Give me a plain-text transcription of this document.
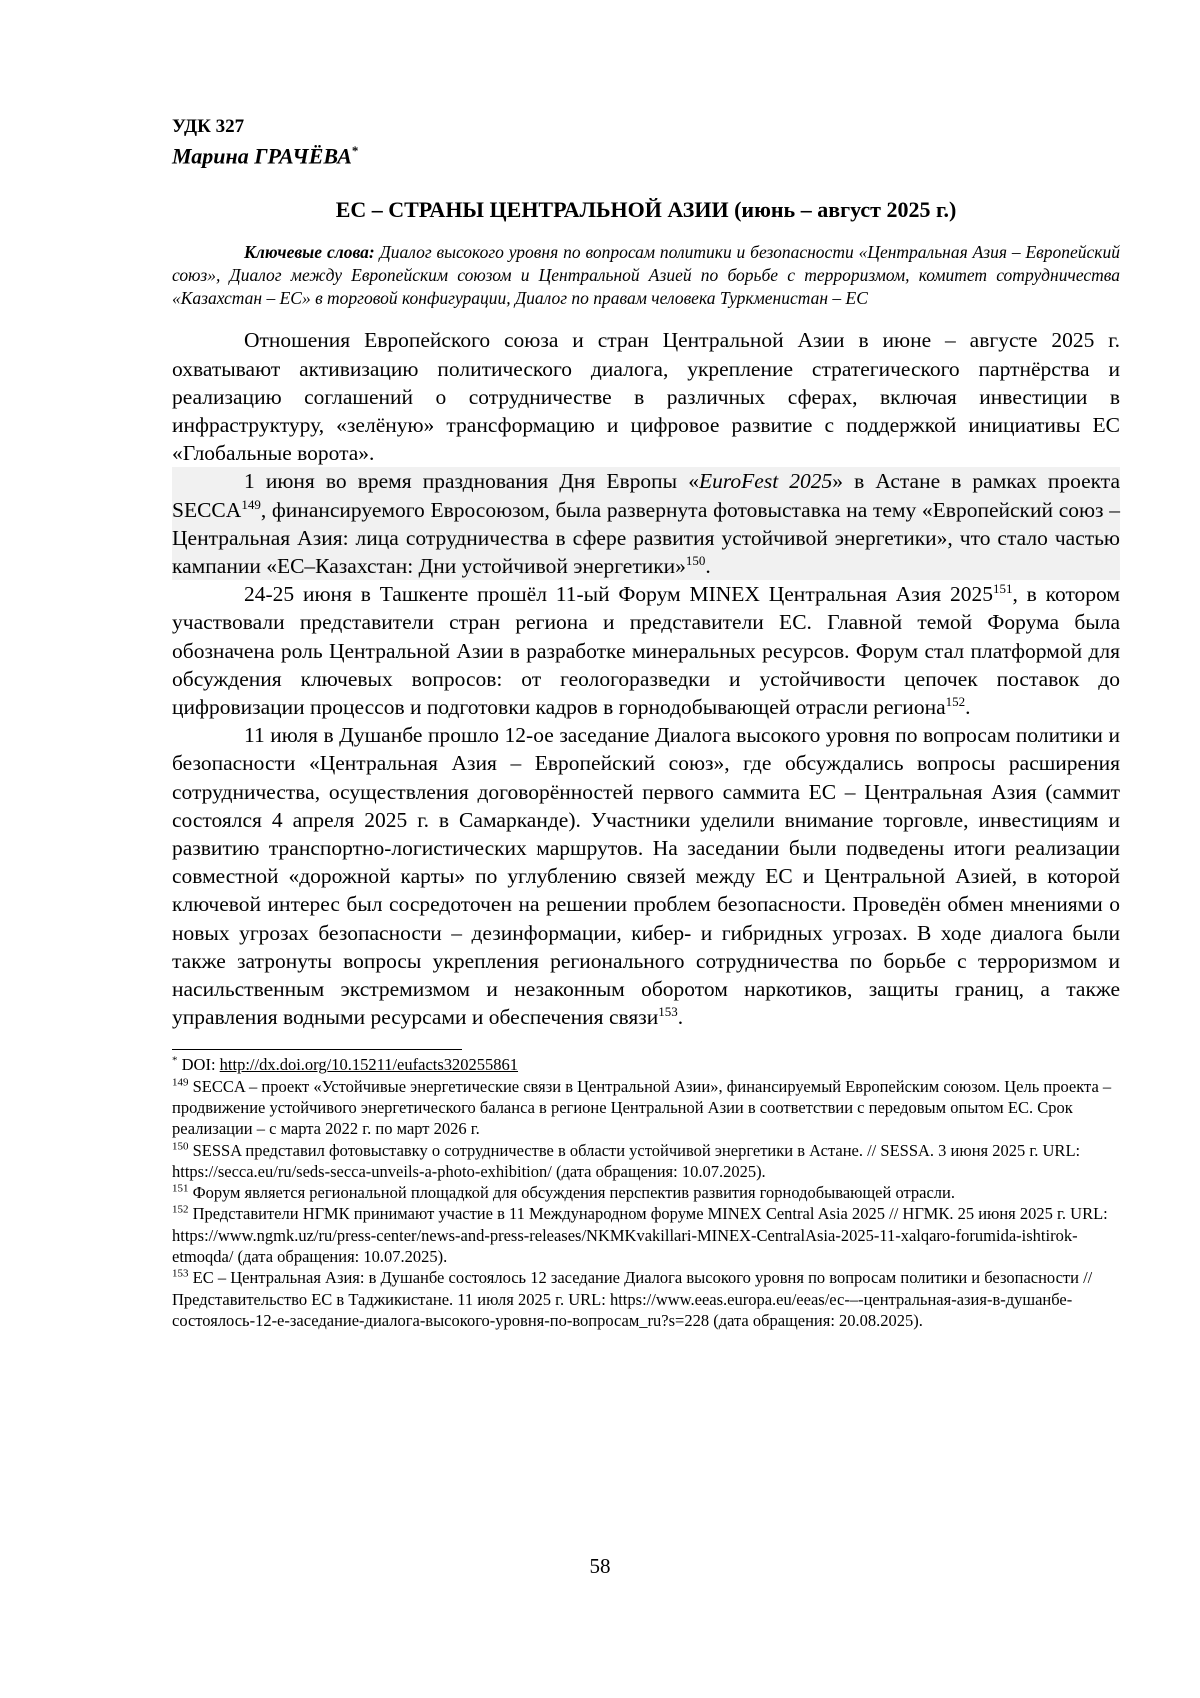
УДК 327
Марина ГРАЧЁВА*
ЕС – СТРАНЫ ЦЕНТРАЛЬНОЙ АЗИИ (июнь – август 2025 г.)
Ключевые слова: Диалог высокого уровня по вопросам политики и безопасности «Центральная Азия – Европейский союз», Диалог между Европейским союзом и Центральной Азией по борьбе с терроризмом, комитет сотрудничества «Казахстан – ЕС» в торговой конфигурации, Диалог по правам человека Туркменистан – ЕС

Отношения Европейского союза и стран Центральной Азии в июне – августе 2025 г. охватывают активизацию политического диалога, укрепление стратегического партнёрства и реализацию соглашений о сотрудничестве в различных сферах, включая инвестиции в инфраструктуру, «зелёную» трансформацию и цифровое развитие с поддержкой инициативы ЕС «Глобальные ворота».

1 июня во время празднования Дня Европы «EuroFest 2025» в Астане в рамках проекта SECCA$^{149}$, финансируемого Евросоюзом, была развернута фотовыставка на тему «Европейский союз – Центральная Азия: лица сотрудничества в сфере развития устойчивой энергетики», что стало частью кампании «ЕС–Казахстан: Дни устойчивой энергетики»$^{150}$.

24-25 июня в Ташкенте прошёл 11-ый Форум MINEX Центральная Азия 2025$^{151}$, в котором участвовали представители стран региона и представители ЕС. Главной темой Форума была обозначена роль Центральной Азии в разработке минеральных ресурсов. Форум стал платформой для обсуждения ключевых вопросов: от геологоразведки и устойчивости цепочек поставок до цифровизации процессов и подготовки кадров в горнодобывающей отрасли региона$^{152}$.

11 июля в Душанбе прошло 12-ое заседание Диалога высокого уровня по вопросам политики и безопасности «Центральная Азия – Европейский союз», где обсуждались вопросы расширения сотрудничества, осуществления договорённостей первого саммита ЕС – Центральная Азия (саммит состоялся 4 апреля 2025 г. в Самарканде). Участники уделили внимание торговле, инвестициям и развитию транспортно-логистических маршрутов. На заседании были подведены итоги реализации совместной «дорожной карты» по углублению связей между ЕС и Центральной Азией, в которой ключевой интерес был сосредоточен на решении проблем безопасности. Проведён обмен мнениями о новых угрозах безопасности – дезинформации, кибер- и гибридных угрозах. В ходе диалога были также затронуты вопросы укрепления регионального сотрудничества по борьбе с терроризмом и насильственным экстремизмом и незаконным оборотом наркотиков, защиты границ, а также управления водными ресурсами и обеспечения связи$^{153}$.

* DOI: http://dx.doi.org/10.15211/eufacts320255861

$^{149}$ SECCA – проект «Устойчивые энергетические связи в Центральной Азии», финансируемый Европейским союзом. Цель проекта – продвижение устойчивого энергетического баланса в регионе Центральной Азии в соответствии с передовым опытом ЕС. Срок реализации – с марта 2022 г. по март 2026 г.

$^{150}$ SESSA представил фотовыставку о сотрудничестве в области устойчивой энергетики в Астане. // SESSA. 3 июня 2025 г. URL: https://secca.eu/ru/seds-secca-unveils-a-photo-exhibition/ (дата обращения: 10.07.2025).

$^{151}$ Форум является региональной площадкой для обсуждения перспектив развития горнодобывающей отрасли.

$^{152}$ Представители НГМК принимают участие в 11 Международном форуме MINEX Central Asia 2025 // НГМК. 25 июня 2025 г. URL: https://www.ngmk.uz/ru/press-center/news-and-press-releases/NKMKvakillari-MINEX-CentralAsia-2025-11-xalqaro-forumida-ishtirok-etmoqda/ (дата обращения: 10.07.2025).

$^{153}$ ЕС – Центральная Азия: в Душанбе состоялось 12 заседание Диалога высокого уровня по вопросам политики и безопасности // Представительство ЕС в Таджикистане. 11 июля 2025 г. URL: https://www.eeas.europa.eu/eeas/ес-–-центральная-азия-в-душанбе-состоялось-12-е-заседание-диалога-высокого-уровня-по-вопросам_ru?s=228 (дата обращения: 20.08.2025).

58
